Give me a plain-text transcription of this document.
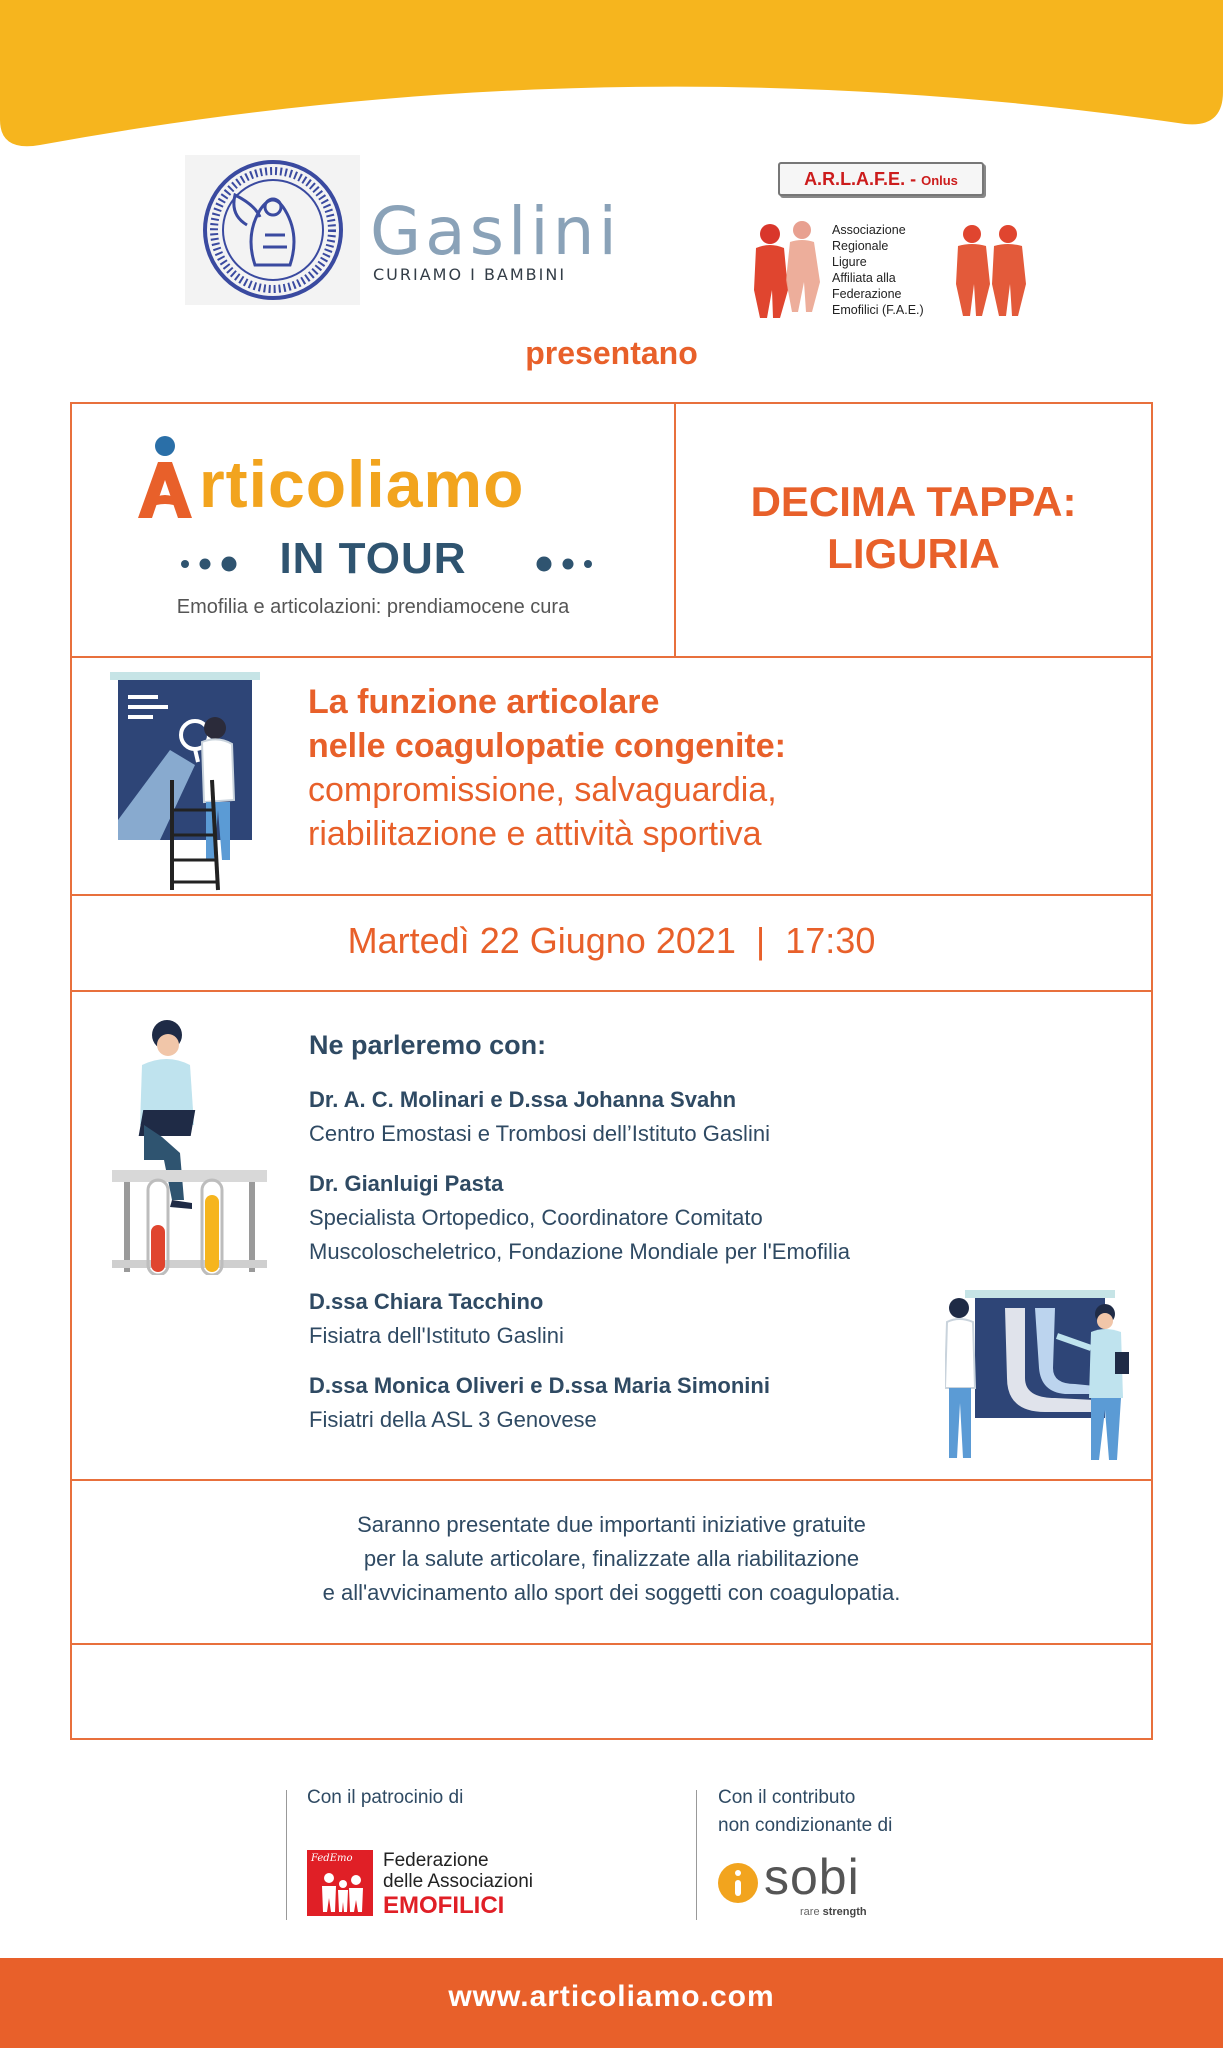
Gaslini
CURIAMO I BAMBINI
A.R.L.A.F.E. - Onlus
Associazione
Regionale
Ligure
Affiliata alla
Federazione
Emofilici (F.A.E.)
presentano
rticoliamo
IN TOUR
Emofilia e articolazioni: prendiamocene cura
DECIMA TAPPA:
LIGURIA
La funzione articolare
nelle coagulopatie congenite:
compromissione, salvaguardia,
riabilitazione e attività sportiva
Martedì 22 Giugno 2021  |  17:30
Ne parleremo con:
Dr. A. C. Molinari e D.ssa Johanna Svahn
Centro Emostasi e Trombosi dell’Istituto Gaslini
Dr. Gianluigi Pasta
Specialista Ortopedico, Coordinatore Comitato
Muscoloscheletrico, Fondazione Mondiale per l'Emofilia
D.ssa Chiara Tacchino
Fisiatra dell'Istituto Gaslini
D.ssa Monica Oliveri e D.ssa Maria Simonini
Fisiatri della ASL 3 Genovese
Saranno presentate due importanti iniziative gratuite
per la salute articolare, finalizzate alla riabilitazione
e all'avvicinamento allo sport dei soggetti con coagulopatia.
Con il patrocinio di	Con il contributo
non condizionante di
FedEmo Federazione
delle Associazioni
EMOFILICI
sobi
rare strength
www.articoliamo.com
